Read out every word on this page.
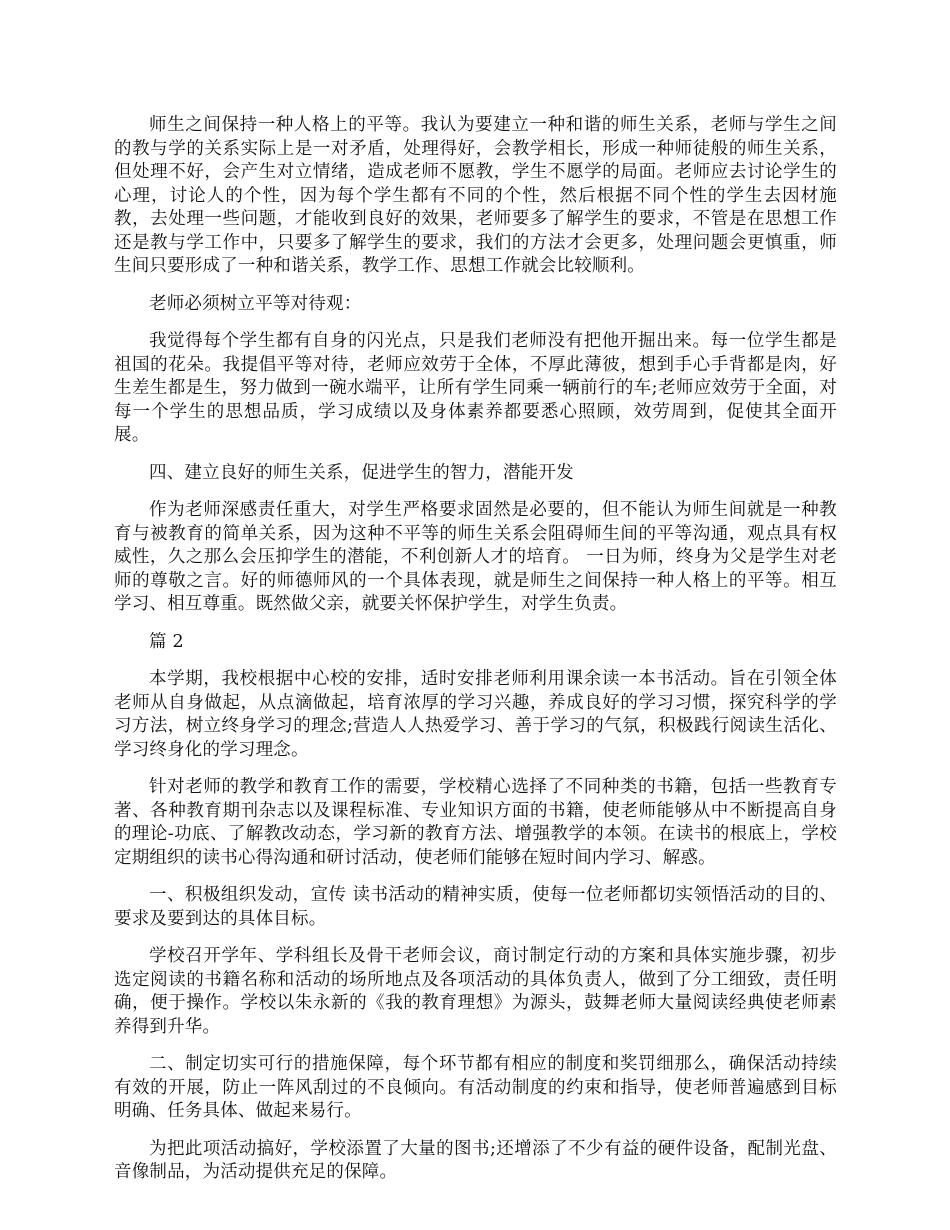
师生之间保持一种人格上的平等。我认为要建立一种和谐的师生关系，老师与学生之间的教与学的关系实际上是一对矛盾，处理得好，会教学相长，形成一种师徒般的师生关系，但处理不好，会产生对立情绪，造成老师不愿教，学生不愿学的局面。老师应去讨论学生的心理，讨论人的个性，因为每个学生都有不同的个性，然后根据不同个性的学生去因材施教，去处理一些问题，才能收到良好的效果，老师要多了解学生的要求，不管是在思想工作还是教与学工作中，只要多了解学生的要求，我们的方法才会更多，处理问题会更慎重，师生间只要形成了一种和谐关系，教学工作、思想工作就会比较顺利。

老师必须树立平等对待观：

我觉得每个学生都有自身的闪光点，只是我们老师没有把他开掘出来。每一位学生都是祖国的花朵。我提倡平等对待，老师应效劳于全体，不厚此薄彼，想到手心手背都是肉，好生差生都是生，努力做到一碗水端平，让所有学生同乘一辆前行的车;老师应效劳于全面，对每一个学生的思想品质，学习成绩以及身体素养都要悉心照顾，效劳周到，促使其全面开展。

四、建立良好的师生关系，促进学生的智力，潜能开发

作为老师深感责任重大，对学生严格要求固然是必要的，但不能认为师生间就是一种教育与被教育的简单关系，因为这种不平等的师生关系会阻碍师生间的平等沟通，观点具有权威性，久之那么会压抑学生的潜能，不利创新人才的培育。 一日为师，终身为父是学生对老师的尊敬之言。好的师德师风的一个具体表现，就是师生之间保持一种人格上的平等。相互学习、相互尊重。既然做父亲，就要关怀保护学生，对学生负责。

篇 2

本学期，我校根据中心校的安排，适时安排老师利用课余读一本书活动。旨在引领全体老师从自身做起，从点滴做起，培育浓厚的学习兴趣，养成良好的学习习惯，探究科学的学习方法，树立终身学习的理念;营造人人热爱学习、善于学习的气氛，积极践行阅读生活化、学习终身化的学习理念。

针对老师的教学和教育工作的需要，学校精心选择了不同种类的书籍，包括一些教育专著、各种教育期刊杂志以及课程标准、专业知识方面的书籍，使老师能够从中不断提高自身的理论-功底、了解教改动态，学习新的教育方法、增强教学的本领。在读书的根底上，学校定期组织的读书心得沟通和研讨活动，使老师们能够在短时间内学习、解惑。

一、积极组织发动，宣传 读书活动的精神实质，使每一位老师都切实领悟活动的目的、要求及要到达的具体目标。

学校召开学年、学科组长及骨干老师会议，商讨制定行动的方案和具体实施步骤，初步选定阅读的书籍名称和活动的场所地点及各项活动的具体负责人，做到了分工细致，责任明确，便于操作。学校以朱永新的《我的教育理想》为源头，鼓舞老师大量阅读经典使老师素养得到升华。

二、制定切实可行的措施保障，每个环节都有相应的制度和奖罚细那么，确保活动持续有效的开展，防止一阵风刮过的不良倾向。有活动制度的约束和指导，使老师普遍感到目标明确、任务具体、做起来易行。

为把此项活动搞好，学校添置了大量的图书;还增添了不少有益的硬件设备，配制光盘、音像制品，为活动提供充足的保障。
